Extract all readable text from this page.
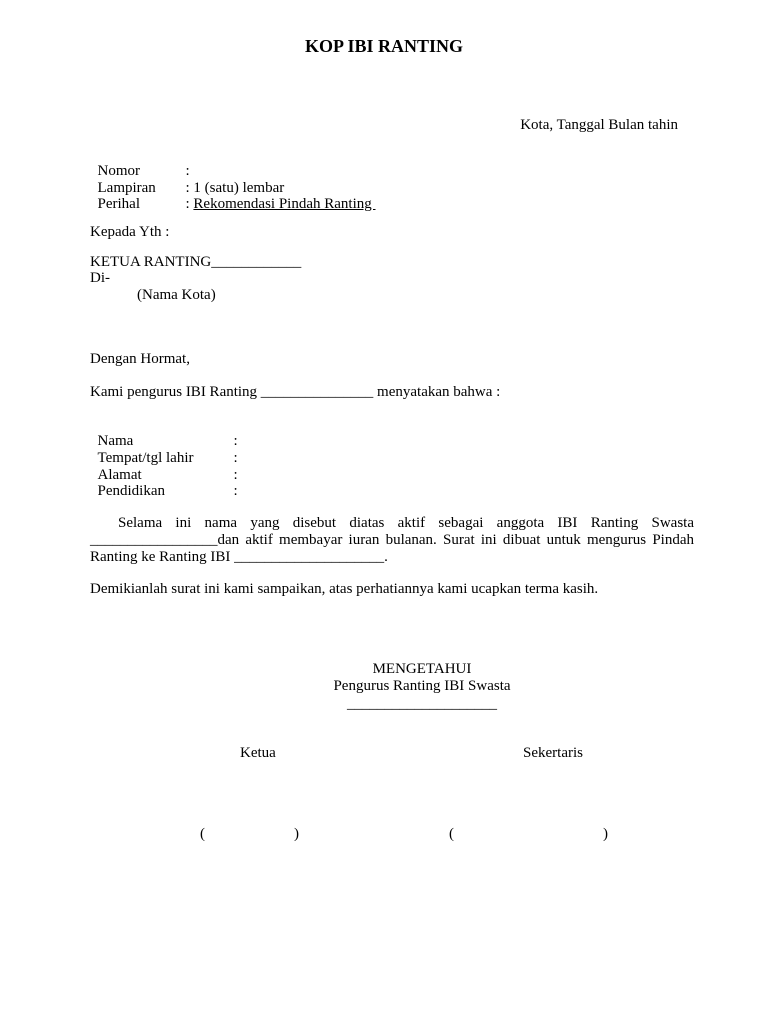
KOP IBI RANTING
Kota, Tanggal Bulan tahin

Nomor	:

Lampiran : 1 (satu) lembar

Perihal	: Rekomendasi Pindah Ranting

Kepada Yth :
KETUA RANTING____________
Di-
(Nama Kota)
Dengan Hormat,
Kami pengurus IBI Ranting _______________ menyatakan bahwa :

Nama	:

Tempat/tgl lahir	:

Alamat	:

Pendidikan	:

Selama ini nama yang disebut diatas aktif sebagai anggota IBI Ranting Swasta _________________dan aktif membayar iuran bulanan. Surat ini dibuat untuk mengurus Pindah Ranting ke Ranting IBI ____________________.
Demikianlah surat ini kami sampaikan, atas perhatiannya kami ucapkan terma kasih.
MENGETAHUI
Pengurus Ranting IBI Swasta
____________________
Ketua	Sekertaris
(	)	(	)
